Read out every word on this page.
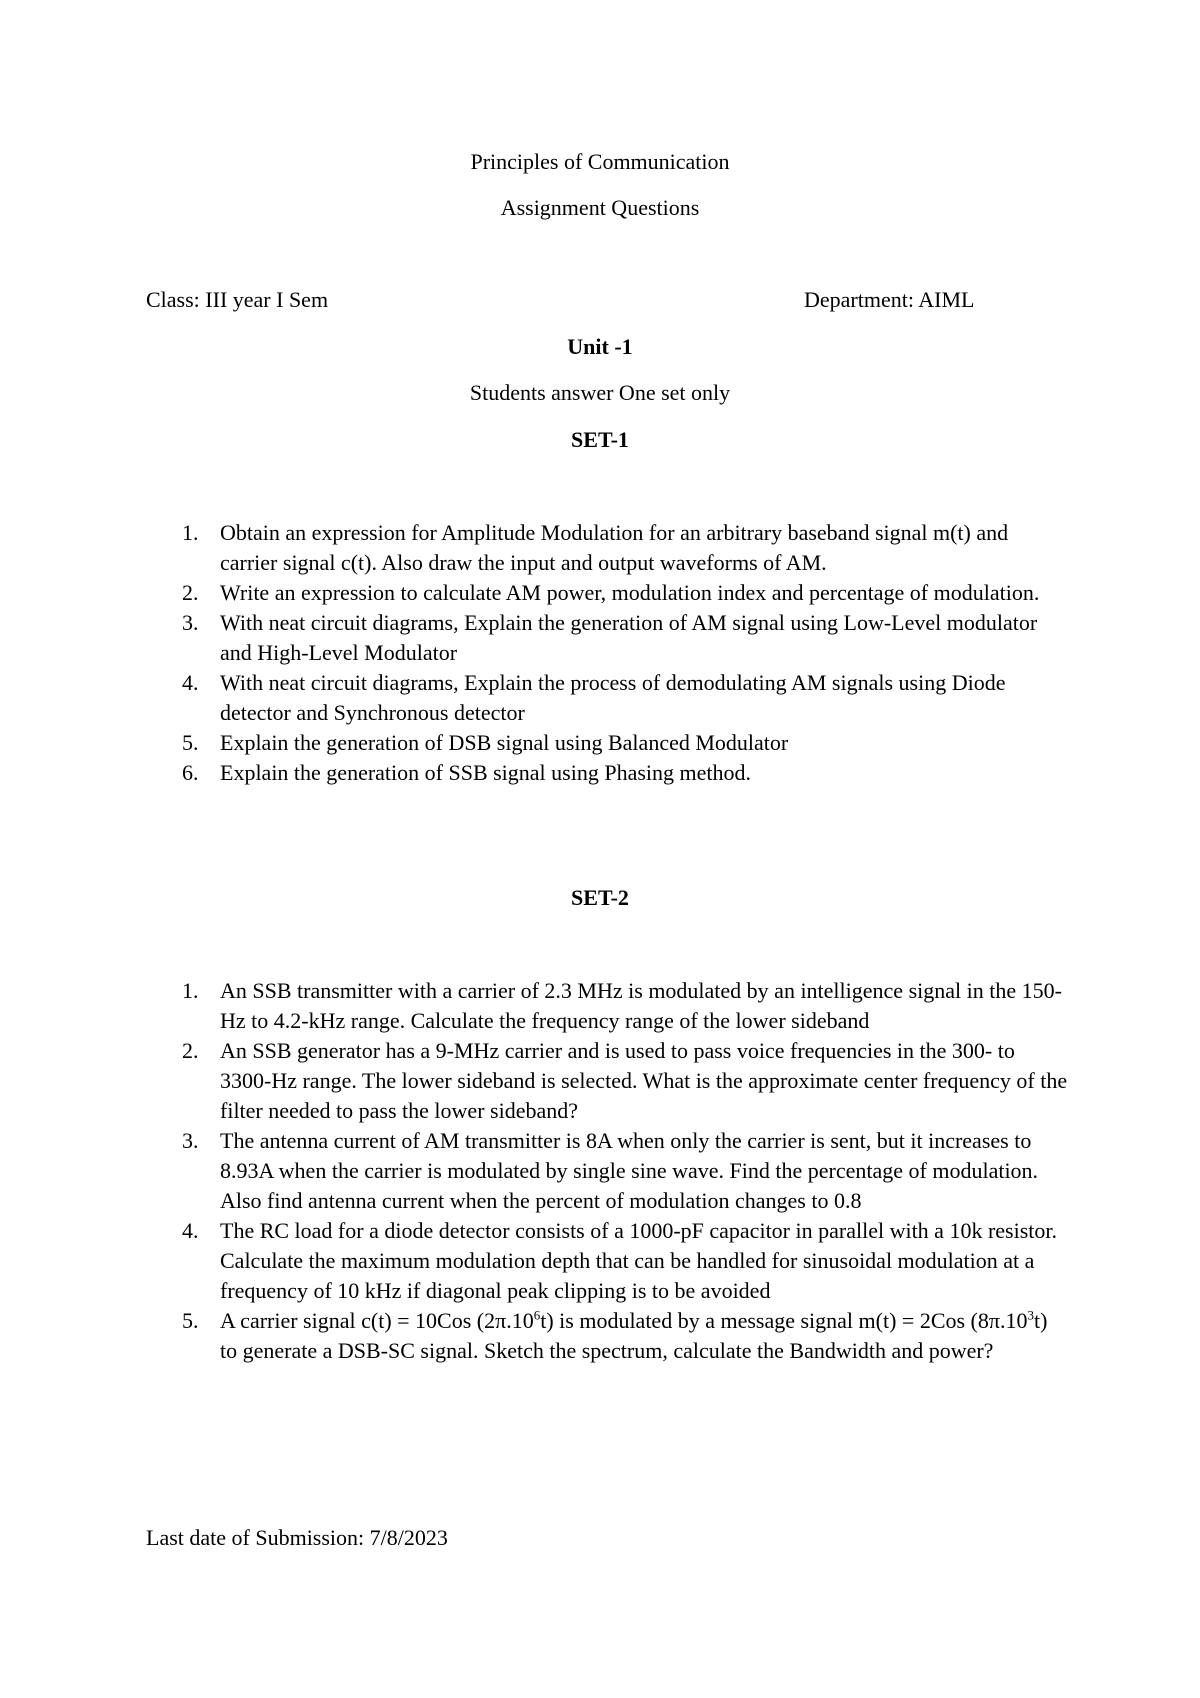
Principles of Communication
Assignment Questions
Class: III year I Sem	Department: AIML
Unit -1
Students answer One set only
SET-1
1. Obtain an expression for Amplitude Modulation for an arbitrary baseband signal m(t) and carrier signal c(t). Also draw the input and output waveforms of AM.
2. Write an expression to calculate AM power, modulation index and percentage of modulation.
3. With neat circuit diagrams, Explain the generation of AM signal using Low-Level modulator and High-Level Modulator
4. With neat circuit diagrams, Explain the process of demodulating AM signals using Diode detector and Synchronous detector
5. Explain the generation of DSB signal using Balanced Modulator
6. Explain the generation of SSB signal using Phasing method.
SET-2
1. An SSB transmitter with a carrier of 2.3 MHz is modulated by an intelligence signal in the 150-Hz to 4.2-kHz range. Calculate the frequency range of the lower sideband
2. An SSB generator has a 9-MHz carrier and is used to pass voice frequencies in the 300- to 3300-Hz range. The lower sideband is selected. What is the approximate center frequency of the filter needed to pass the lower sideband?
3. The antenna current of AM transmitter is 8A when only the carrier is sent, but it increases to 8.93A when the carrier is modulated by single sine wave. Find the percentage of modulation. Also find antenna current when the percent of modulation changes to 0.8
4. The RC load for a diode detector consists of a 1000-pF capacitor in parallel with a 10k resistor. Calculate the maximum modulation depth that can be handled for sinusoidal modulation at a frequency of 10 kHz if diagonal peak clipping is to be avoided
5. A carrier signal c(t) = 10Cos $(2\pi.10^6t)$ is modulated by a message signal m(t) = 2Cos $(8\pi.10^3t)$ to generate a DSB-SC signal. Sketch the spectrum, calculate the Bandwidth and power?
Last date of Submission: 7/8/2023
